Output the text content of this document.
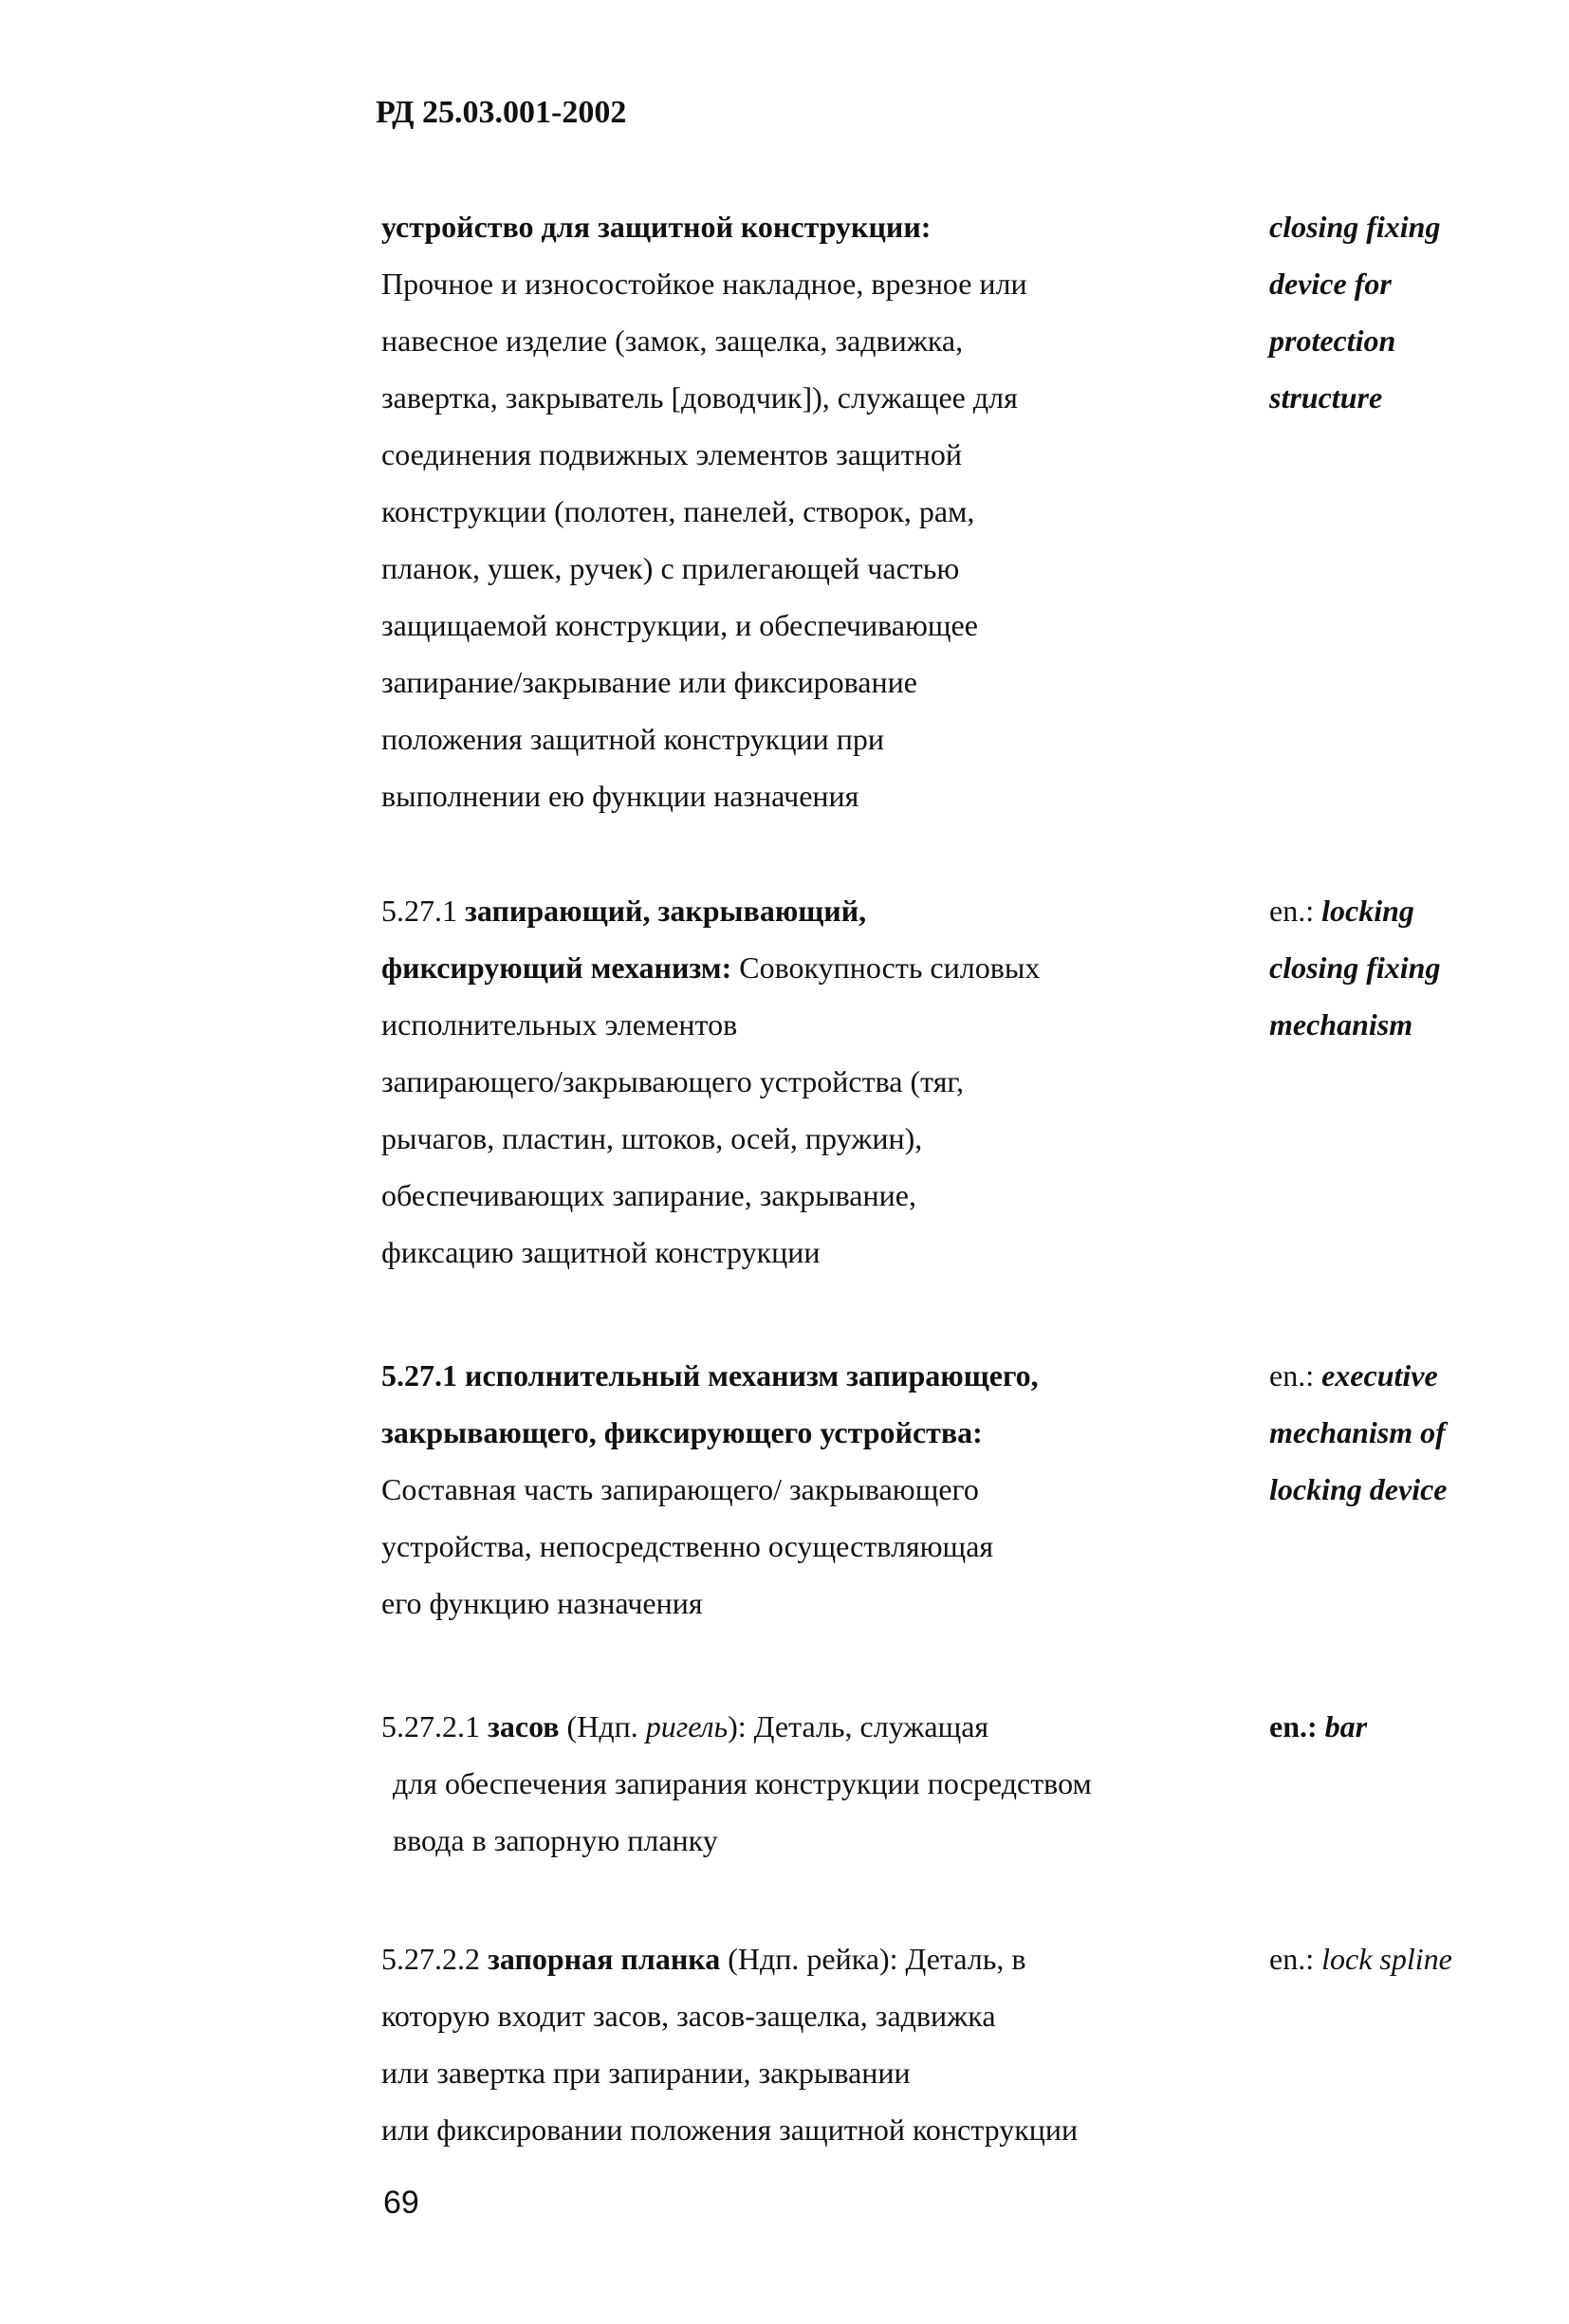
РД 25.03.001-2002
устройство для защитной конструкции:
Прочное и износостойкое накладное, врезное или
навесное изделие (замок, защелка, задвижка,
завертка, закрыватель [доводчик]), служащее для
соединения подвижных элементов защитной
конструкции (полотен, панелей, створок, рам,
планок, ушек, ручек) с прилегающей частью
защищаемой конструкции, и обеспечивающее
запирание/закрывание или фиксирование
положения защитной конструкции при
выполнении ею функции назначения
closing fixing
device for
protection
structure
5.27.1 запирающий, закрывающий,
фиксирующий механизм: Совокупность силовых
исполнительных элементов
запирающего/закрывающего устройства (тяг,
рычагов, пластин, штоков, осей, пружин),
обеспечивающих запирание, закрывание,
фиксацию защитной конструкции
en.: locking
closing fixing
mechanism
5.27.1 исполнительный механизм запирающего,
закрывающего, фиксирующего устройства:
Составная часть запирающего/ закрывающего
устройства, непосредственно осуществляющая
его функцию назначения
en.: executive
mechanism of
locking device
5.27.2.1 засов (Ндп. ригель): Деталь, служащая
для обеспечения запирания конструкции посредством
ввода в запорную планку
en.: bar
5.27.2.2 запорная планка (Ндп. рейка): Деталь, в
которую входит засов, засов-защелка, задвижка
или завертка при запирании, закрывании
или фиксировании положения защитной конструкции
en.: lock spline
69
